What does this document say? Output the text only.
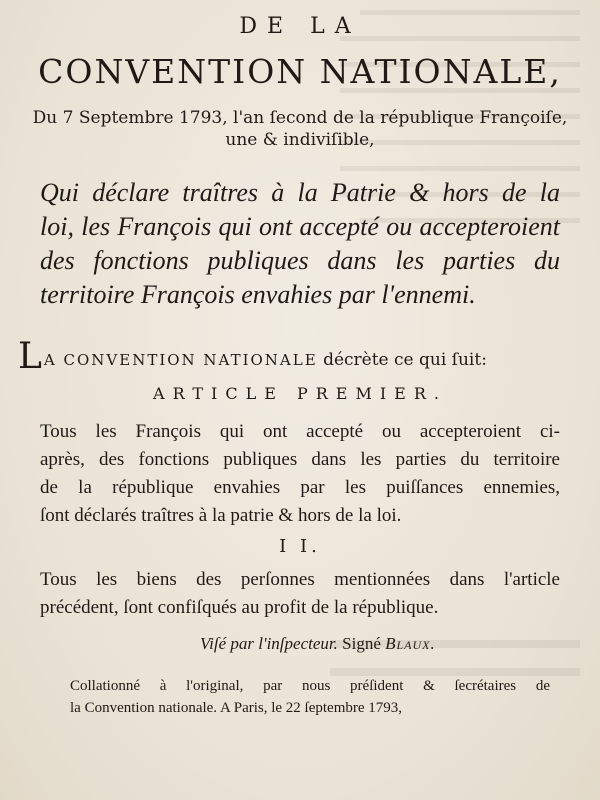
DE LA
CONVENTION NATIONALE,
Du 7 Septembre 1793, l'an ſecond de la république Françoiſe,
une & indiviſible,
Qui déclare traîtres à la Patrie & hors de la
loi, les François qui ont accepté ou accepteroient
des fonctions publiques dans les parties du
territoire François envahies par l'ennemi.
L A CONVENTION NATIONALE décrète ce qui ſuit:
ARTICLE PREMIER.
Tous les François qui ont accepté ou accepteroient ci-
après, des fonctions publiques dans les parties du territoire
de la république envahies par les puiſſances ennemies,
ſont déclarés traîtres à la patrie & hors de la loi.
I I.
Tous les biens des perſonnes mentionnées dans l'article
précédent, ſont confiſqués au profit de la république.
Viſé par l'inſpecteur. Signé Blaux.
Collationné à l'original, par nous préſident & ſecrétaires de
la Convention nationale. A Paris, le 22 ſeptembre 1793,
